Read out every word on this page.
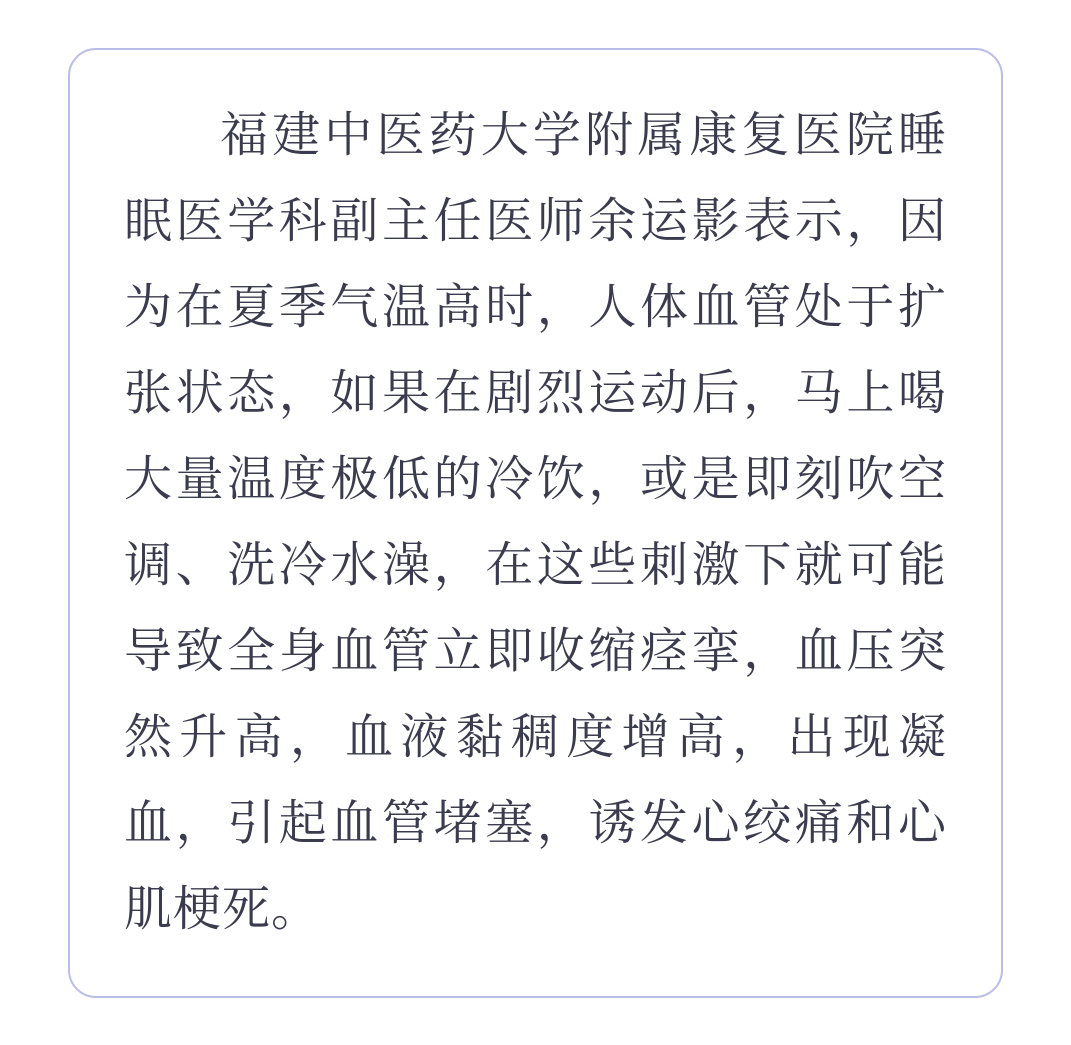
福建中医药大学附属康复医院睡眠医学科副主任医师余运影表示，因为在夏季气温高时，人体血管处于扩张状态，如果在剧烈运动后，马上喝大量温度极低的冷饮，或是即刻吹空调、洗冷水澡，在这些刺激下就可能导致全身血管立即收缩痉挛，血压突然升高，血液黏稠度增高，出现凝血，引起血管堵塞，诱发心绞痛和心肌梗死。
